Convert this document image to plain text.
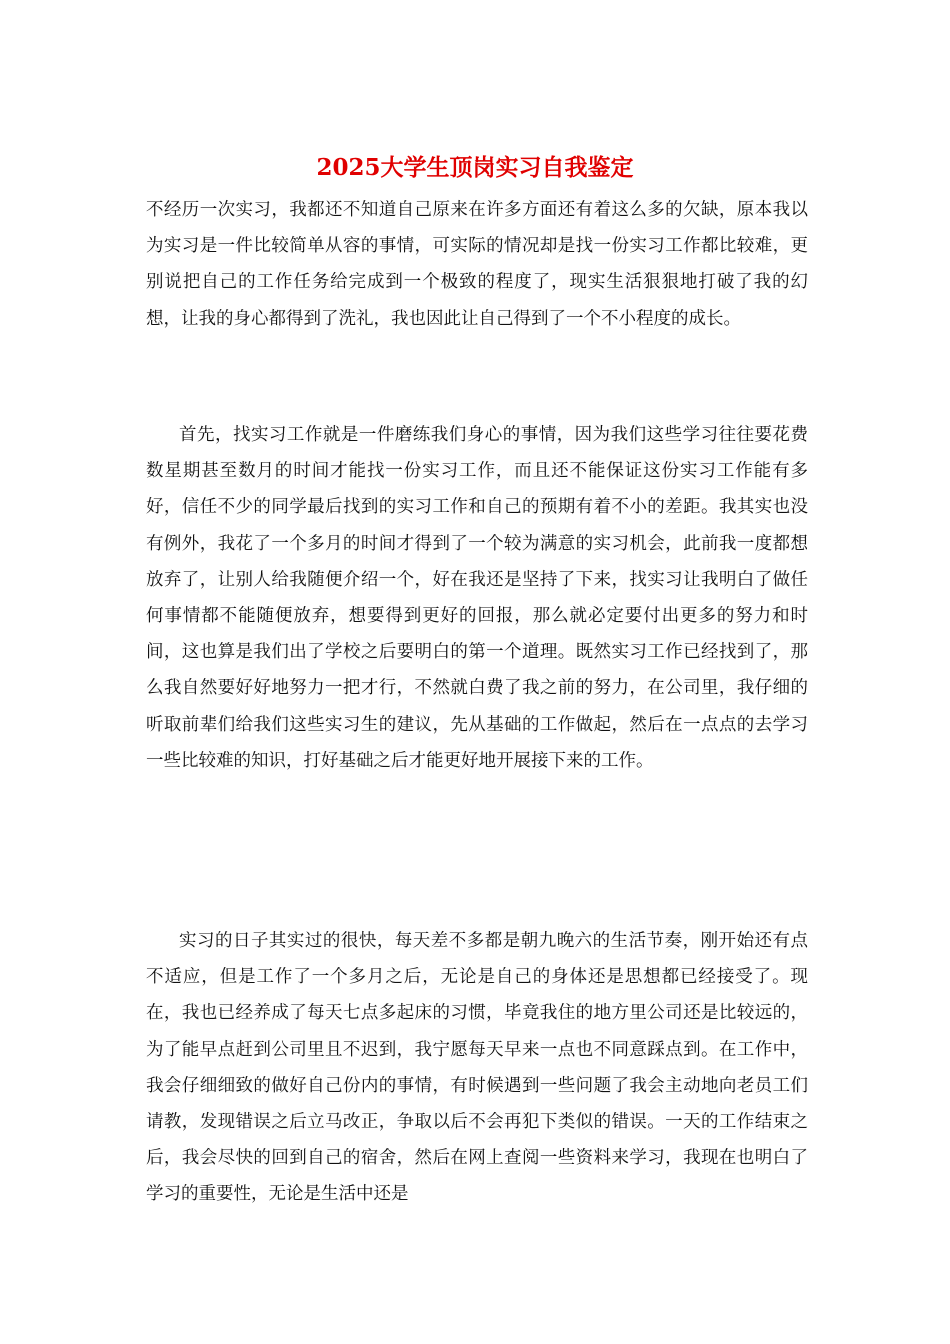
2025大学生顶岗实习自我鉴定

不经历一次实习，我都还不知道自己原来在许多方面还有着这么多的欠缺，原本我以为实习是一件比较简单从容的事情，可实际的情况却是找一份实习工作都比较难，更别说把自己的工作任务给完成到一个极致的程度了，现实生活狠狠地打破了我的幻想，让我的身心都得到了洗礼，我也因此让自己得到了一个不小程度的成长。

首先，找实习工作就是一件磨练我们身心的事情，因为我们这些学习往往要花费数星期甚至数月的时间才能找一份实习工作，而且还不能保证这份实习工作能有多好，信任不少的同学最后找到的实习工作和自己的预期有着不小的差距。我其实也没有例外，我花了一个多月的时间才得到了一个较为满意的实习机会，此前我一度都想放弃了，让别人给我随便介绍一个，好在我还是坚持了下来，找实习让我明白了做任何事情都不能随便放弃，想要得到更好的回报，那么就必定要付出更多的努力和时间，这也算是我们出了学校之后要明白的第一个道理。既然实习工作已经找到了，那么我自然要好好地努力一把才行，不然就白费了我之前的努力，在公司里，我仔细的听取前辈们给我们这些实习生的建议，先从基础的工作做起，然后在一点点的去学习一些比较难的知识，打好基础之后才能更好地开展接下来的工作。

实习的日子其实过的很快，每天差不多都是朝九晚六的生活节奏，刚开始还有点不适应，但是工作了一个多月之后，无论是自己的身体还是思想都已经接受了。现在，我也已经养成了每天七点多起床的习惯，毕竟我住的地方里公司还是比较远的，为了能早点赶到公司里且不迟到，我宁愿每天早来一点也不同意踩点到。在工作中，我会仔细细致的做好自己份内的事情，有时候遇到一些问题了我会主动地向老员工们请教，发现错误之后立马改正，争取以后不会再犯下类似的错误。一天的工作结束之后，我会尽快的回到自己的宿舍，然后在网上查阅一些资料来学习，我现在也明白了学习的重要性，无论是生活中还是
